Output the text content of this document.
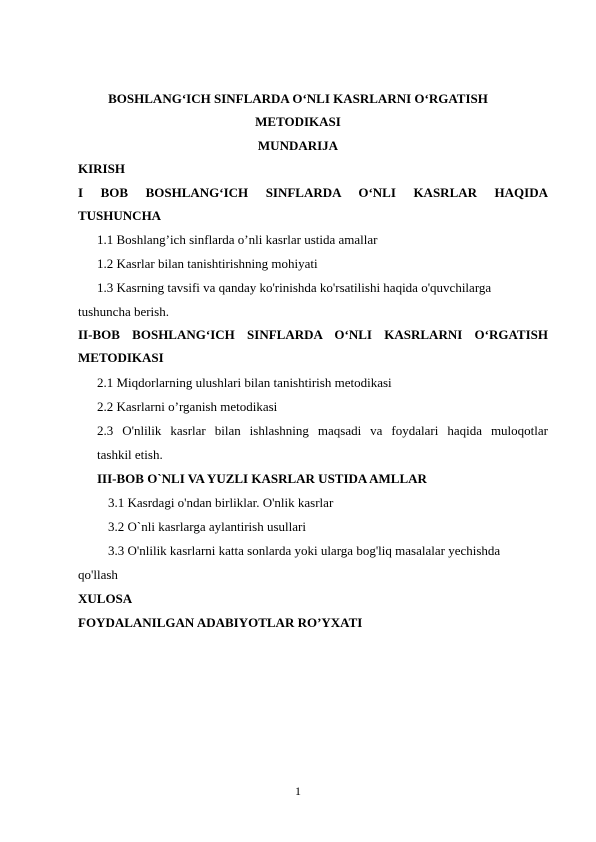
BOSHLANG‘ICH SINFLARDA O‘NLI KASRLARNI O‘RGATISH
METODIKASI
MUNDARIJA
KIRISH
I BOB BOSHLANG‘ICH SINFLARDA O‘NLI KASRLAR HAQIDA
TUSHUNCHA
1.1 Boshlang’ich sinflarda o’nli kasrlar ustida amallar
1.2 Kasrlar bilan tanishtirishning mohiyati
1.3 Kasrning tavsifi va qanday ko'rinishda ko'rsatilishi haqida o'quvchilarga
tushuncha berish.
II-BOB BOSHLANG‘ICH SINFLARDA O‘NLI KASRLARNI O‘RGATISH
METODIKASI
2.1 Miqdorlarning ulushlari bilan tanishtirish metodikasi
2.2 Kasrlarni o’rganish metodikasi
2.3 O'nlilik kasrlar bilan ishlashning maqsadi va foydalari haqida muloqotlar
tashkil etish.
III-BOB O`NLI VA YUZLI KASRLAR USTIDA AMLLAR
3.1 Kasrdagi o'ndan birliklar. O'nlik kasrlar
3.2 O`nli kasrlarga aylantirish usullari
3.3 O'nlilik kasrlarni katta sonlarda yoki ularga bog'liq masalalar yechishda
qo'llash
XULOSA
FOYDALANILGAN ADABIYOTLAR RO’YXATI
1
